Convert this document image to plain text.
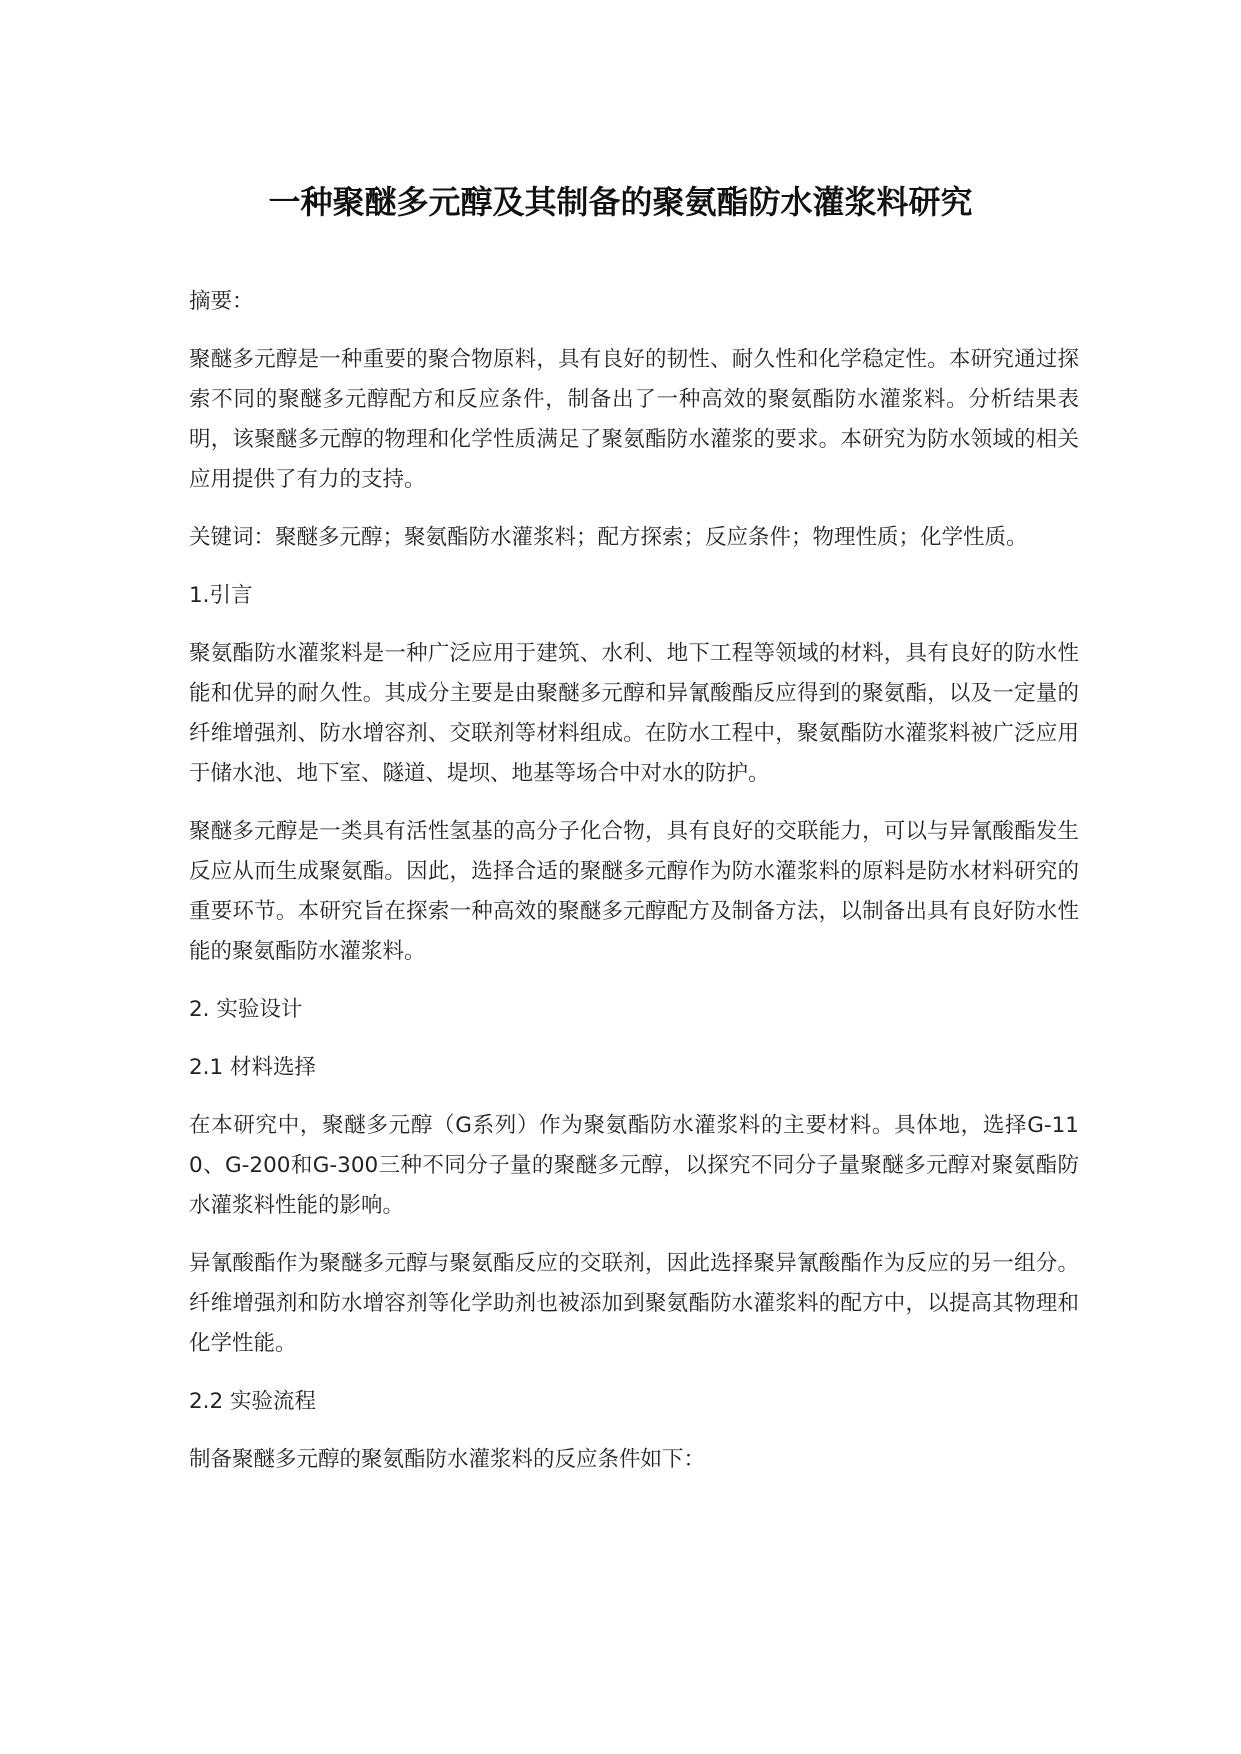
一种聚醚多元醇及其制备的聚氨酯防水灌浆料研究

摘要：

聚醚多元醇是一种重要的聚合物原料，具有良好的韧性、耐久性和化学稳定性。本研究通过探索不同的聚醚多元醇配方和反应条件，制备出了一种高效的聚氨酯防水灌浆料。分析结果表明，该聚醚多元醇的物理和化学性质满足了聚氨酯防水灌浆的要求。本研究为防水领域的相关应用提供了有力的支持。

关键词：聚醚多元醇；聚氨酯防水灌浆料；配方探索；反应条件；物理性质；化学性质。

1.引言

聚氨酯防水灌浆料是一种广泛应用于建筑、水利、地下工程等领域的材料，具有良好的防水性能和优异的耐久性。其成分主要是由聚醚多元醇和异氰酸酯反应得到的聚氨酯，以及一定量的纤维增强剂、防水增容剂、交联剂等材料组成。在防水工程中，聚氨酯防水灌浆料被广泛应用于储水池、地下室、隧道、堤坝、地基等场合中对水的防护。

聚醚多元醇是一类具有活性氢基的高分子化合物，具有良好的交联能力，可以与异氰酸酯发生反应从而生成聚氨酯。因此，选择合适的聚醚多元醇作为防水灌浆料的原料是防水材料研究的重要环节。本研究旨在探索一种高效的聚醚多元醇配方及制备方法，以制备出具有良好防水性能的聚氨酯防水灌浆料。

2. 实验设计

2.1 材料选择

在本研究中，聚醚多元醇（G系列）作为聚氨酯防水灌浆料的主要材料。具体地，选择G-110、G-200和G-300三种不同分子量的聚醚多元醇，以探究不同分子量聚醚多元醇对聚氨酯防水灌浆料性能的影响。

异氰酸酯作为聚醚多元醇与聚氨酯反应的交联剂，因此选择聚异氰酸酯作为反应的另一组分。纤维增强剂和防水增容剂等化学助剂也被添加到聚氨酯防水灌浆料的配方中，以提高其物理和化学性能。

2.2 实验流程

制备聚醚多元醇的聚氨酯防水灌浆料的反应条件如下：
